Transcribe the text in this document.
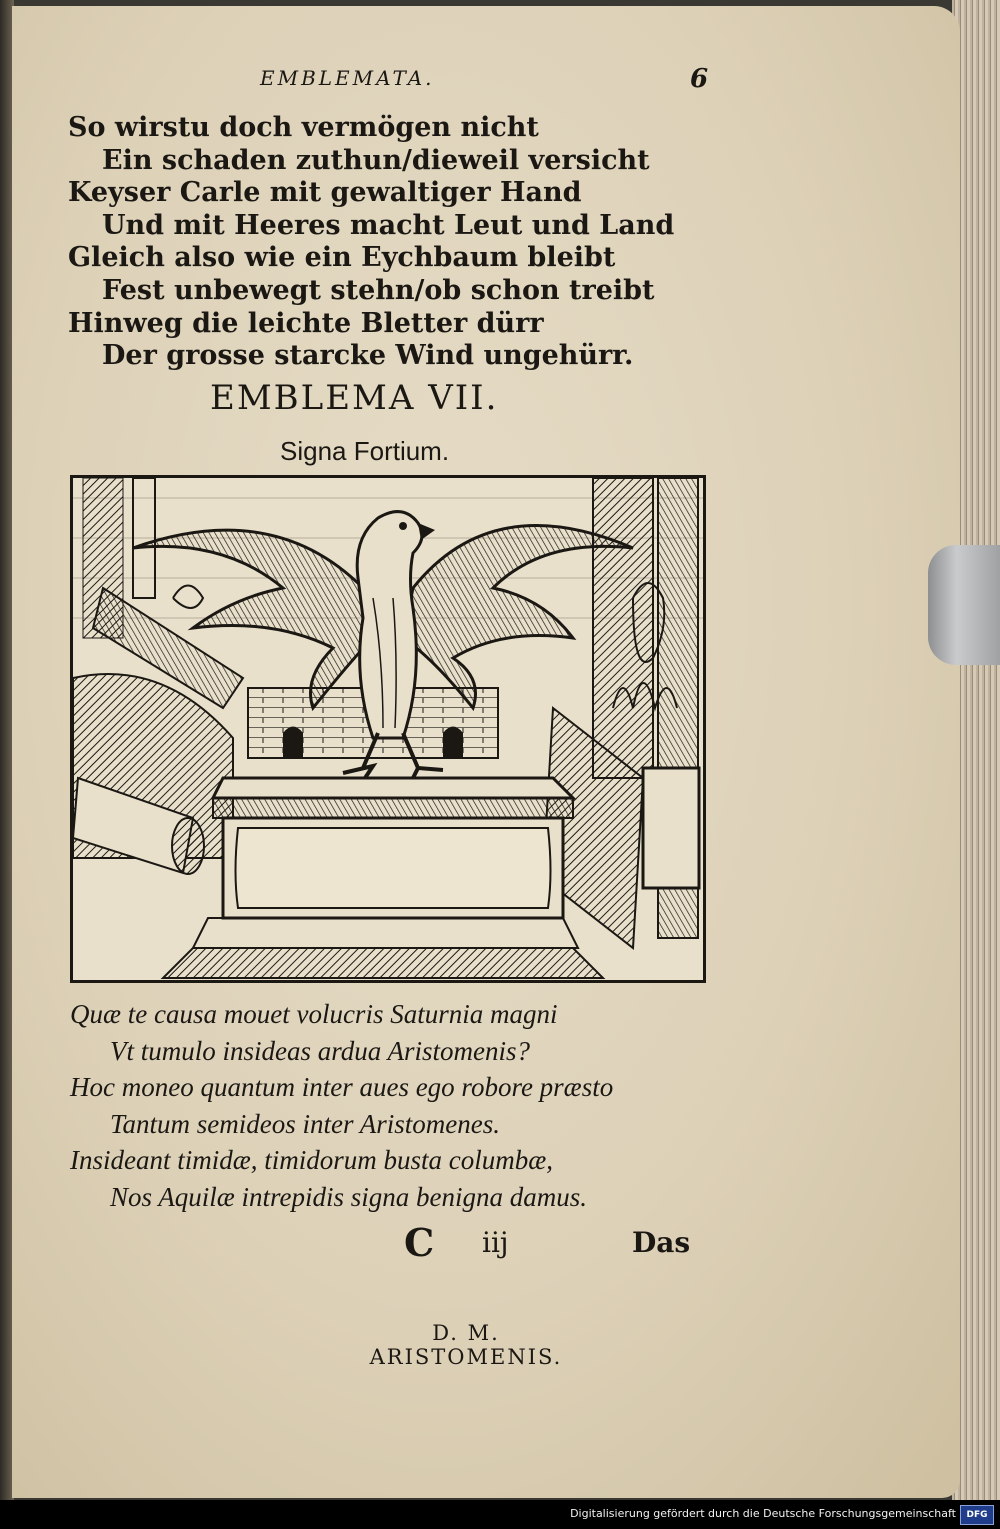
EMBLEMATA.	6
So wirstu doch vermögen nicht
Ein schaden zuthun/dieweil versicht
Keyser Carle mit gewaltiger Hand
Und mit Heeres macht Leut und Land
Gleich also wie ein Eychbaum bleibt
Fest unbewegt stehn/ob schon treibt
Hinweg die leichte Bletter dürr
Der grosse starcke Wind ungehürr.
EMBLEMA VII.
Signa Fortium.
D. M.
ARISTOMENIS.
Quæ te causa mouet volucris Saturnia magni
Vt tumulo insideas ardua Aristomenis?
Hoc moneo quantum inter aues ego robore præsto
Tantum semideos inter Aristomenes.
Insideant timidæ, timidorum busta columbæ,
Nos Aquilæ intrepidis signa benigna damus.
C iij	Das
Digitalisierung gefördert durch die Deutsche Forschungsgemeinschaft	DFG
